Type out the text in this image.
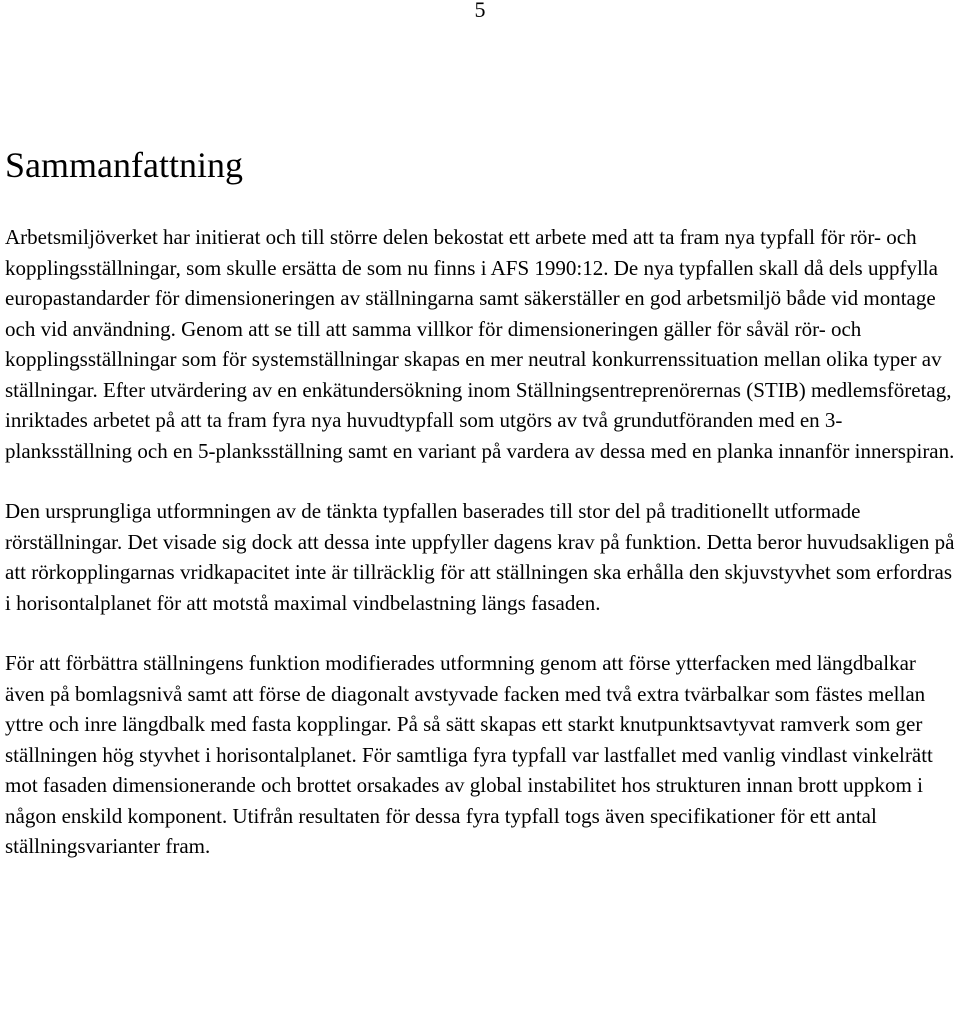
5
Sammanfattning

Arbetsmiljöverket har initierat och till större delen bekostat ett arbete med att ta fram nya typfall för rör- och kopplingsställningar, som skulle ersätta de som nu finns i AFS 1990:12. De nya typfallen skall då dels uppfylla europastandarder för dimensioneringen av ställningarna samt säkerställer en god arbetsmiljö både vid montage och vid användning. Genom att se till att samma villkor för dimensioneringen gäller för såväl rör- och kopplingsställningar som för systemställningar skapas en mer neutral konkurrenssituation mellan olika typer av ställningar. Efter utvärdering av en enkätundersökning inom Ställningsentreprenörernas (STIB) medlemsföretag, inriktades arbetet på att ta fram fyra nya huvudtypfall som utgörs av två grundutföranden med en 3-planksställning och en 5-planksställning samt en variant på vardera av dessa med en planka innanför innerspiran.

Den ursprungliga utformningen av de tänkta typfallen baserades till stor del på traditionellt utformade rörställningar. Det visade sig dock att dessa inte uppfyller dagens krav på funktion. Detta beror huvudsakligen på att rörkopplingarnas vridkapacitet inte är tillräcklig för att ställningen ska erhålla den skjuvstyvhet som erfordras i horisontalplanet för att motstå maximal vindbelastning längs fasaden.

För att förbättra ställningens funktion modifierades utformning genom att förse ytterfacken med längdbalkar även på bomlagsnivå samt att förse de diagonalt avstyvade facken med två extra tvärbalkar som fästes mellan yttre och inre längdbalk med fasta kopplingar. På så sätt skapas ett starkt knutpunktsavtyvat ramverk som ger ställningen hög styvhet i horisontalplanet. För samtliga fyra typfall var lastfallet med vanlig vindlast vinkelrätt mot fasaden dimensionerande och brottet orsakades av global instabilitet hos strukturen innan brott uppkom i någon enskild komponent. Utifrån resultaten för dessa fyra typfall togs även specifikationer för ett antal ställningsvarianter fram.
